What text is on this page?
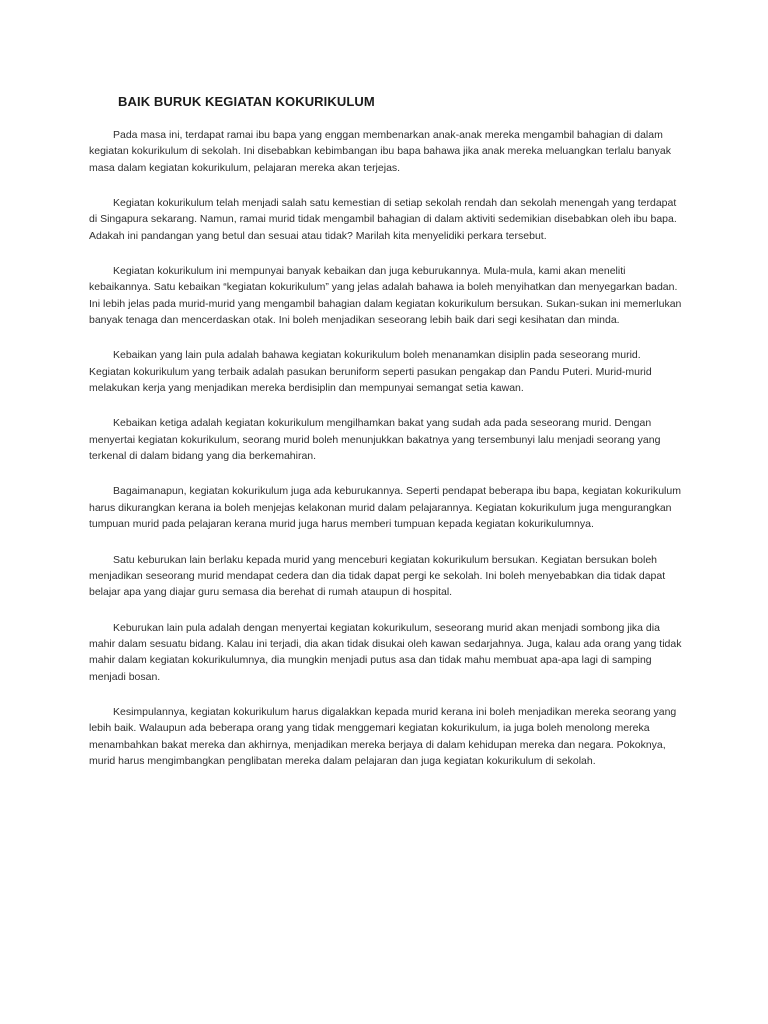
BAIK BURUK KEGIATAN KOKURIKULUM

Pada masa ini, terdapat ramai ibu bapa yang enggan membenarkan anak-anak mereka mengambil bahagian di dalam kegiatan kokurikulum di sekolah. Ini disebabkan kebimbangan ibu bapa bahawa jika anak mereka meluangkan terlalu banyak masa dalam kegiatan kokurikulum, pelajaran mereka akan terjejas.

Kegiatan kokurikulum telah menjadi salah satu kemestian di setiap sekolah rendah dan sekolah menengah yang terdapat di Singapura sekarang. Namun, ramai murid tidak mengambil bahagian di dalam aktiviti sedemikian disebabkan oleh ibu bapa. Adakah ini pandangan yang betul dan sesuai atau tidak? Marilah kita menyelidiki perkara tersebut.

Kegiatan kokurikulum ini mempunyai banyak kebaikan dan juga keburukannya. Mula-mula, kami akan meneliti kebaikannya. Satu kebaikan “kegiatan kokurikulum” yang jelas adalah bahawa ia boleh menyihatkan dan menyegarkan badan. Ini lebih jelas pada murid-murid yang mengambil bahagian dalam kegiatan kokurikulum bersukan. Sukan-sukan ini memerlukan banyak tenaga dan mencerdaskan otak. Ini boleh menjadikan seseorang lebih baik dari segi kesihatan dan minda.

Kebaikan yang lain pula adalah bahawa kegiatan kokurikulum boleh menanamkan disiplin pada seseorang murid. Kegiatan kokurikulum yang terbaik adalah pasukan beruniform seperti pasukan pengakap dan Pandu Puteri. Murid-murid melakukan kerja yang menjadikan mereka berdisiplin dan mempunyai semangat setia kawan.

Kebaikan ketiga adalah kegiatan kokurikulum mengilhamkan bakat yang sudah ada pada seseorang murid. Dengan menyertai kegiatan kokurikulum, seorang murid boleh menunjukkan bakatnya yang tersembunyi lalu menjadi seorang yang terkenal di dalam bidang yang dia berkemahiran.

Bagaimanapun, kegiatan kokurikulum juga ada keburukannya. Seperti pendapat beberapa ibu bapa, kegiatan kokurikulum harus dikurangkan kerana ia boleh menjejas kelakonan murid dalam pelajarannya. Kegiatan kokurikulum juga mengurangkan tumpuan murid pada pelajaran kerana murid juga harus memberi tumpuan kepada kegiatan kokurikulumnya.

Satu keburukan lain berlaku kepada murid yang menceburi kegiatan kokurikulum bersukan. Kegiatan bersukan boleh menjadikan seseorang murid mendapat cedera dan dia tidak dapat pergi ke sekolah. Ini boleh menyebabkan dia tidak dapat belajar apa yang diajar guru semasa dia berehat di rumah ataupun di hospital.

Keburukan lain pula adalah dengan menyertai kegiatan kokurikulum, seseorang murid akan menjadi sombong jika dia mahir dalam sesuatu bidang. Kalau ini terjadi, dia akan tidak disukai oleh kawan sedarjahnya. Juga, kalau ada orang yang tidak mahir dalam kegiatan kokurikulumnya, dia mungkin menjadi putus asa dan tidak mahu membuat apa-apa lagi di samping menjadi bosan.

Kesimpulannya, kegiatan kokurikulum harus digalakkan kepada murid kerana ini boleh menjadikan mereka seorang yang lebih baik. Walaupun ada beberapa orang yang tidak menggemari kegiatan kokurikulum, ia juga boleh menolong mereka menambahkan bakat mereka dan akhirnya, menjadikan mereka berjaya di dalam kehidupan mereka dan negara. Pokoknya, murid harus mengimbangkan penglibatan mereka dalam pelajaran dan juga kegiatan kokurikulum di sekolah.
